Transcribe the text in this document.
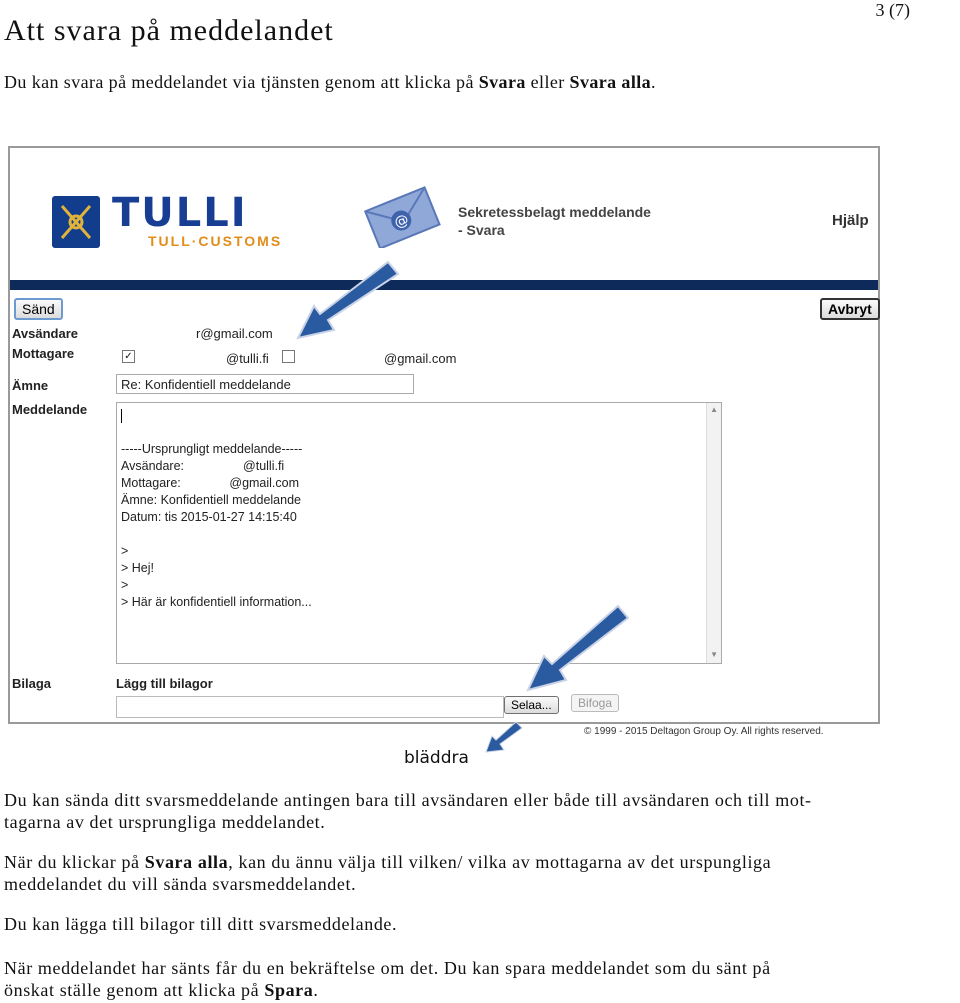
3 (7)
Att svara på meddelandet
Du kan svara på meddelandet via tjänsten genom att klicka på Svara eller Svara alla.
TULLI
TULL·CUSTOMS
@	Sekretessbelagt meddelande
- Svara
Hjälp
Sänd	Avbryt
Avsändare	r@gmail.com
Mottagare	✓	@tulli.fi	@gmail.com
Ämne	Re: Konfidentiell meddelande
Meddelande
-----Ursprungligt meddelande-----
Avsändare:                 @tulli.fi
Mottagare:              @gmail.com
Ämne: Konfidentiell meddelande
Datum: tis 2015-01-27 14:15:40

>
> Hej!
>
> Här är konfidentiell information...
▲
▼
Bilaga	Lägg till bilagor
Selaa...	Bifoga
© 1999 - 2015 Deltagon Group Oy. All rights reserved.
bläddra
Du kan sända ditt svarsmeddelande antingen bara till avsändaren eller både till avsändaren och till mot-
tagarna av det ursprungliga meddelandet.
När du klickar på Svara alla, kan du ännu välja till vilken/ vilka av mottagarna av det urspungliga
meddelandet du vill sända svarsmeddelandet.
Du kan lägga till bilagor till ditt svarsmeddelande.
När meddelandet har sänts får du en bekräftelse om det. Du kan spara meddelandet som du sänt på
önskat ställe genom att klicka på Spara.
